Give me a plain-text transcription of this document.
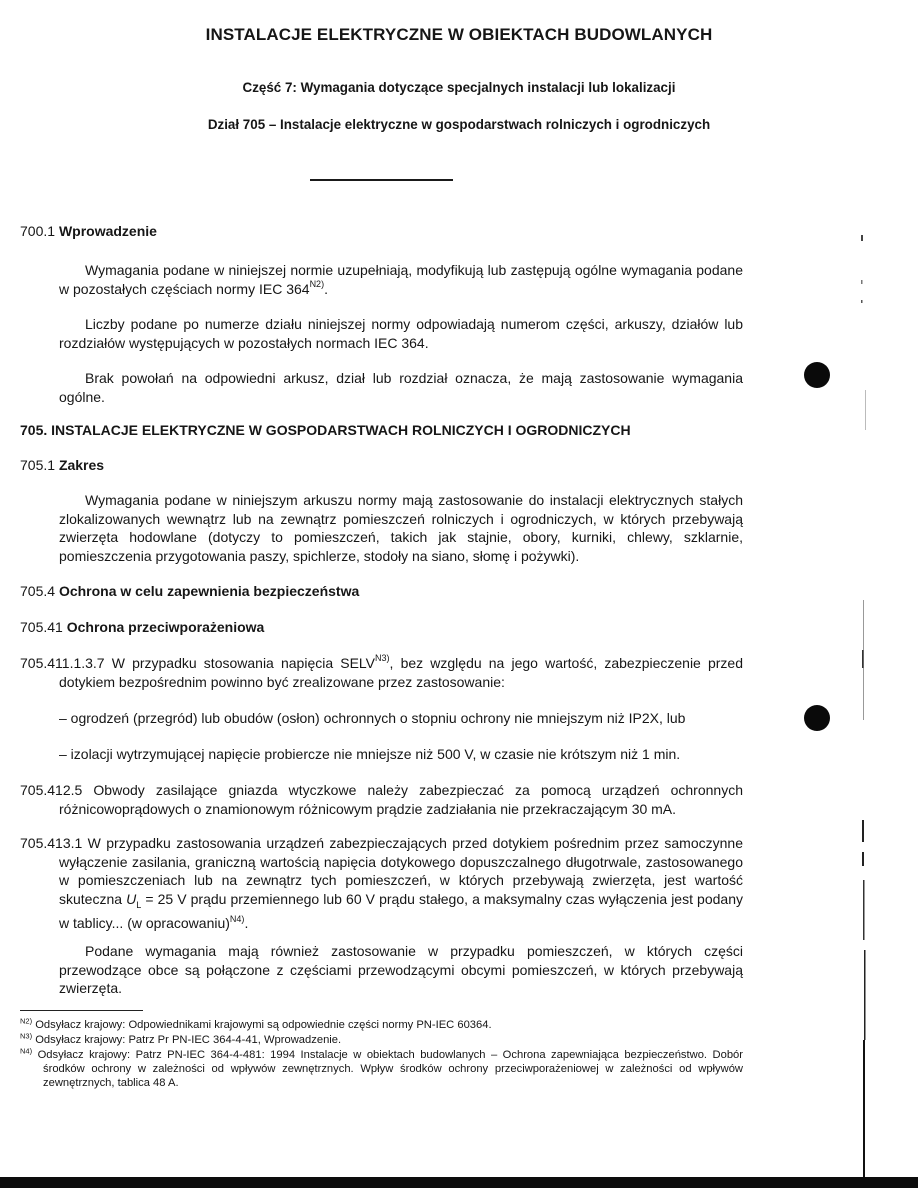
INSTALACJE ELEKTRYCZNE W OBIEKTACH BUDOWLANYCH
Część 7: Wymagania dotyczące specjalnych instalacji lub lokalizacji
Dział 705 – Instalacje elektryczne w gospodarstwach rolniczych i ogrodniczych
700.1 Wprowadzenie
Wymagania podane w niniejszej normie uzupełniają, modyfikują lub zastępują ogólne wymagania podane w pozostałych częściach normy IEC $364^{N2)}$.
Liczby podane po numerze działu niniejszej normy odpowiadają numerom części, arkuszy, działów lub rozdziałów występujących w pozostałych normach IEC 364.
Brak powołań na odpowiedni arkusz, dział lub rozdział oznacza, że mają zastosowanie wymagania ogólne.
705. INSTALACJE ELEKTRYCZNE W GOSPODARSTWACH ROLNICZYCH I OGRODNICZYCH
705.1 Zakres
Wymagania podane w niniejszym arkuszu normy mają zastosowanie do instalacji elektrycznych stałych zlokalizowanych wewnątrz lub na zewnątrz pomieszczeń rolniczych i ogrodniczych, w których przebywają zwierzęta hodowlane (dotyczy to pomieszczeń, takich jak stajnie, obory, kurniki, chlewy, szklarnie, pomieszczenia przygotowania paszy, spichlerze, stodoły na siano, słomę i pożywki).
705.4 Ochrona w celu zapewnienia bezpieczeństwa
705.41 Ochrona przeciwporażeniowa
705.411.1.3.7 W przypadku stosowania napięcia $SELV^{N3)}$, bez względu na jego wartość, zabezpieczenie przed dotykiem bezpośrednim powinno być zrealizowane przez zastosowanie:
– ogrodzeń (przegród) lub obudów (osłon) ochronnych o stopniu ochrony nie mniejszym niż IP2X, lub
– izolacji wytrzymującej napięcie probiercze nie mniejsze niż 500 V, w czasie nie krótszym niż 1 min.
705.412.5 Obwody zasilające gniazda wtyczkowe należy zabezpieczać za pomocą urządzeń ochronnych różnicowoprądowych o znamionowym różnicowym prądzie zadziałania nie przekraczającym 30 mA.
705.413.1 W przypadku zastosowania urządzeń zabezpieczających przed dotykiem pośrednim przez samoczynne wyłączenie zasilania, graniczną wartością napięcia dotykowego dopuszczalnego długotrwale, zastosowanego w pomieszczeniach lub na zewnątrz tych pomieszczeń, w których przebywają zwierzęta, jest wartość skuteczna $U_L = 25$ V prądu przemiennego lub 60 V prądu stałego, a maksymalny czas wyłączenia jest podany w tablicy... (w opracowaniu)$^{N4)}$.
Podane wymagania mają również zastosowanie w przypadku pomieszczeń, w których części przewodzące obce są połączone z częściami przewodzącymi obcymi pomieszczeń, w których przebywają zwierzęta.
$^{N2)}$ Odsyłacz krajowy: Odpowiednikami krajowymi są odpowiednie części normy PN-IEC 60364.
$^{N3)}$ Odsyłacz krajowy: Patrz Pr PN-IEC 364-4-41, Wprowadzenie.
$^{N4)}$ Odsyłacz krajowy: Patrz PN-IEC 364-4-481: 1994 Instalacje w obiektach budowlanych – Ochrona zapewniająca bezpieczeństwo. Dobór środków ochrony w zależności od wpływów zewnętrznych. Wpływ środków ochrony przeciwporażeniowej w zależności od wpływów zewnętrznych, tablica 48 A.
